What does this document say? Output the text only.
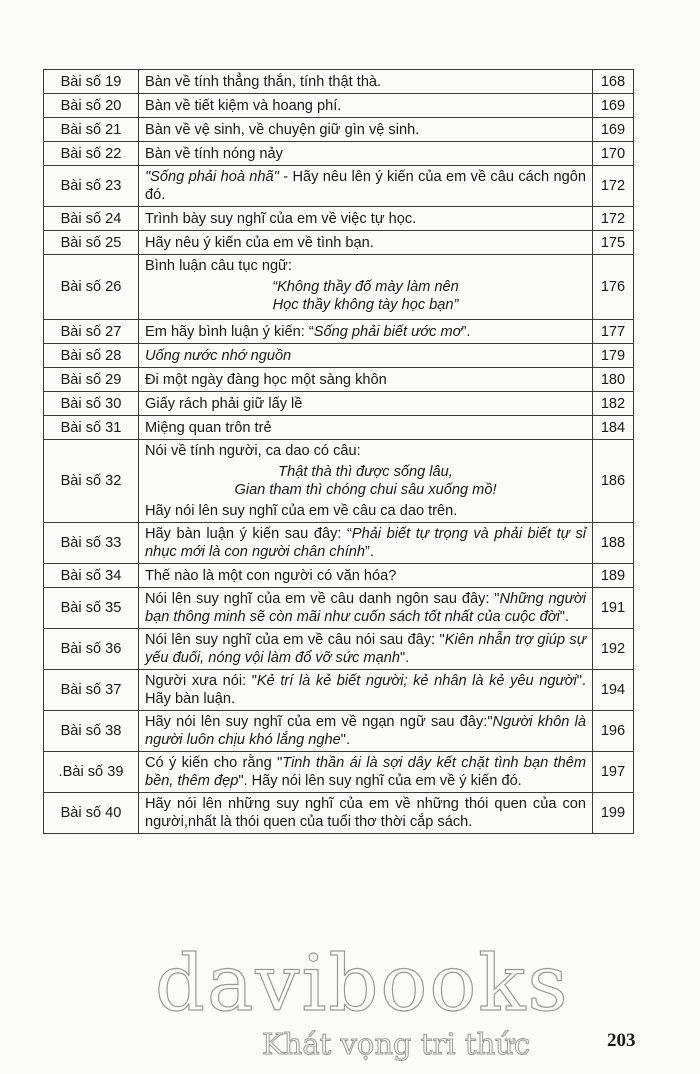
Bài số 19	Bàn về tính thẳng thắn, tính thật thà.	168
Bài số 20	Bàn về tiết kiệm và hoang phí.	169
Bài số 21	Bàn về vệ sinh, về chuyện giữ gìn vệ sinh.	169
Bài số 22	Bàn về tính nóng nảy	170
Bài số 23	"Sống phải hoà nhã" - Hãy nêu lên ý kiến của em về câu cách ngôn đó.	172
Bài số 24	Trình bày suy nghĩ của em về việc tự học.	172
Bài số 25	Hãy nêu ý kiến của em về tình bạn.	175
Bài số 26	Bình luận câu tục ngữ:
“Không thầy đố mày làm nên
Học thầy không tày học bạn”	176
Bài số 27	Em hãy bình luận ý kiến: “Sống phải biết ước mơ”.	177
Bài số 28	Uống nước nhớ nguồn	179
Bài số 29	Đi một ngày đàng học một sàng khôn	180
Bài số 30	Giấy rách phải giữ lấy lề	182
Bài số 31	Miệng quan trôn trẻ	184
Bài số 32	Nói về tính người, ca dao có câu:
Thật thà thì được sống lâu,
Gian tham thì chóng chui sâu xuống mồ!
Hãy nói lên suy nghĩ của em về câu ca dao trên.	186
Bài số 33	Hãy bàn luận ý kiến sau đây: “Phải biết tự trọng và phải biết tự sỉ nhục mới là con người chân chính”.	188
Bài số 34	Thế nào là một con người có văn hóa?	189
Bài số 35	Nói lên suy nghĩ của em về câu danh ngôn sau đây: "Những người bạn thông minh sẽ còn mãi như cuốn sách tốt nhất của cuộc đời".	191
Bài số 36	Nói lên suy nghĩ của em về câu nói sau đây: "Kiên nhẫn trợ giúp sự yếu đuối, nóng vội làm đổ vỡ sức mạnh".	192
Bài số 37	Người xưa nói: "Kẻ trí là kẻ biết người; kẻ nhân là kẻ yêu người". Hãy bàn luận.	194
Bài số 38	Hãy nói lên suy nghĩ của em về ngạn ngữ sau đây:"Người khôn là người luôn chịu khó lắng nghe".	196
.Bài số 39	Có ý kiến cho rằng "Tinh thần ái là sợi dây kết chặt tình bạn thêm bền, thêm đẹp". Hãy nói lên suy nghĩ của em về ý kiến đó.	197
Bài số 40	Hãy nói lên những suy nghĩ của em về những thói quen của con người,nhất là thói quen của tuổi thơ thời cắp sách.	199
davibooks
Khát vọng tri thức	203
